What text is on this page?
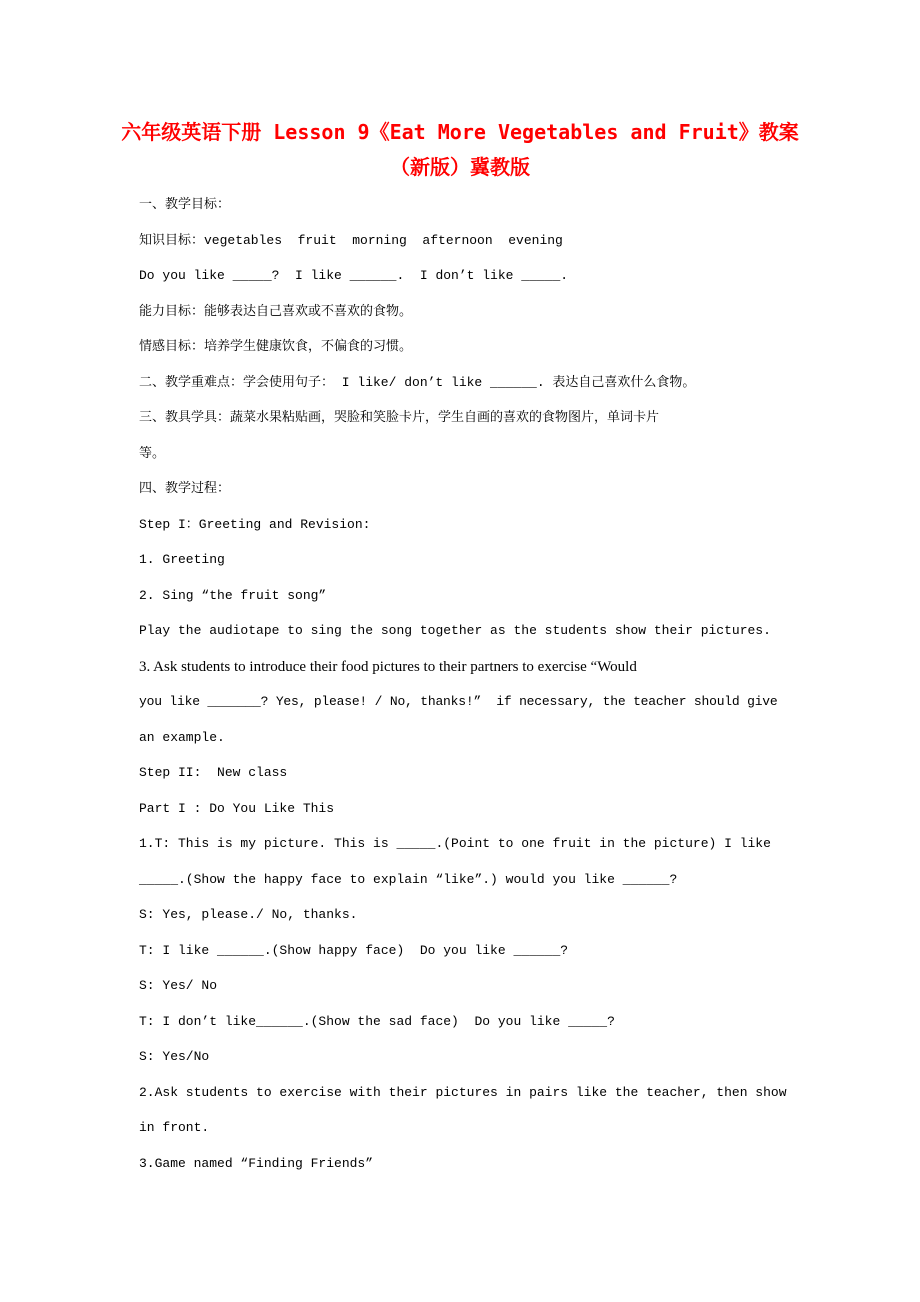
六年级英语下册 Lesson 9《Eat More Vegetables and Fruit》教案
（新版）冀教版
一、教学目标：
知识目标：vegetables  fruit  morning  afternoon  evening
Do you like _____?  I like ______.  I don’t like _____.
能力目标：能够表达自己喜欢或不喜欢的食物。
情感目标：培养学生健康饮食，不偏食的习惯。
二、教学重难点：学会使用句子： I like/ don’t like ______. 表达自己喜欢什么食物。
三、教具学具：蔬菜水果粘贴画，哭脸和笑脸卡片，学生自画的喜欢的食物图片，单词卡片
等。
四、教学过程：
Step I：Greeting and Revision:
1. Greeting
2. Sing “the fruit song”
Play the audiotape to sing the song together as the students show their pictures.
3. Ask students to introduce their food pictures to their partners to exercise “Would
you like _______? Yes, please! / No, thanks!”  if necessary, the teacher should give
an example.
Step II:  New class
Part I : Do You Like This
1.T: This is my picture. This is _____.(Point to one fruit in the picture) I like
_____.(Show the happy face to explain “like”.) would you like ______?
S: Yes, please./ No, thanks.
T: I like ______.(Show happy face)  Do you like ______?
S: Yes/ No
T: I don’t like______.(Show the sad face)  Do you like _____?
S: Yes/No
2.Ask students to exercise with their pictures in pairs like the teacher, then show
in front.
3.Game named “Finding Friends”
